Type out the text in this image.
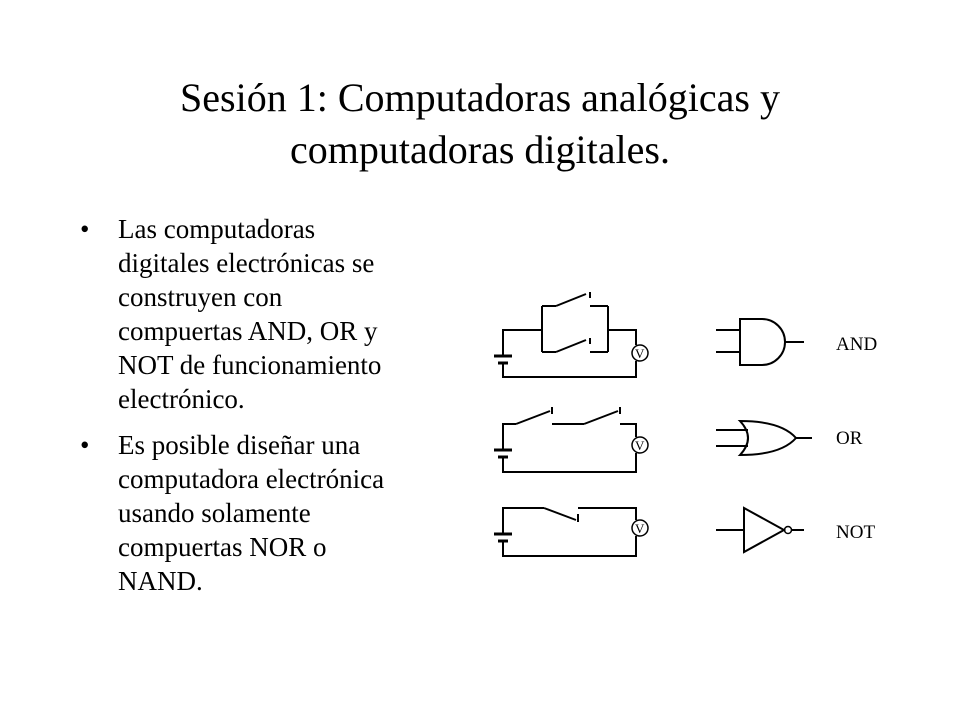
Sesión 1: Computadoras analógicas y
computadoras digitales.
• Las computadoras
digitales electrónicas se
construyen con
compuertas AND, OR y
NOT de funcionamiento
electrónico.
• Es posible diseñar una
computadora electrónica
usando solamente
compuertas NOR o
NAND.
V
V
V
AND
OR
NOT
